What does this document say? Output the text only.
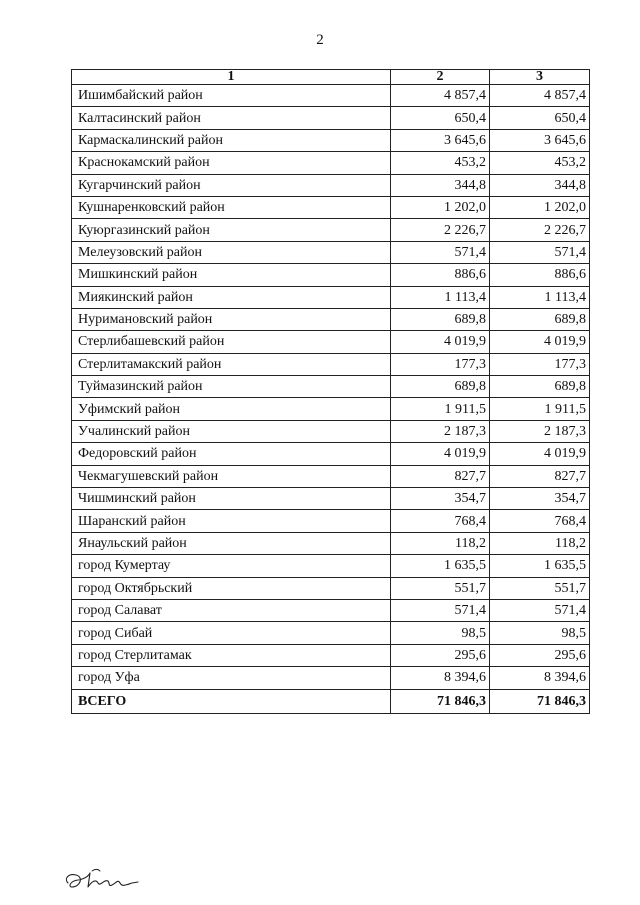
2
1	2	3
Ишимбайский район	4 857,4	4 857,4
Калтасинский район	650,4	650,4
Кармаскалинский район	3 645,6	3 645,6
Краснокамский район	453,2	453,2
Кугарчинский район	344,8	344,8
Кушнаренковский район	1 202,0	1 202,0
Куюргазинский район	2 226,7	2 226,7
Мелеузовский район	571,4	571,4
Мишкинский район	886,6	886,6
Миякинский район	1 113,4	1 113,4
Нуримановский район	689,8	689,8
Стерлибашевский район	4 019,9	4 019,9
Стерлитамакский район	177,3	177,3
Туймазинский район	689,8	689,8
Уфимский район	1 911,5	1 911,5
Учалинский район	2 187,3	2 187,3
Федоровский район	4 019,9	4 019,9
Чекмагушевский район	827,7	827,7
Чишминский район	354,7	354,7
Шаранский район	768,4	768,4
Янаульский район	118,2	118,2
город Кумертау	1 635,5	1 635,5
город Октябрьский	551,7	551,7
город Салават	571,4	571,4
город Сибай	98,5	98,5
город Стерлитамак	295,6	295,6
город Уфа	8 394,6	8 394,6
ВСЕГО	71 846,3	71 846,3
